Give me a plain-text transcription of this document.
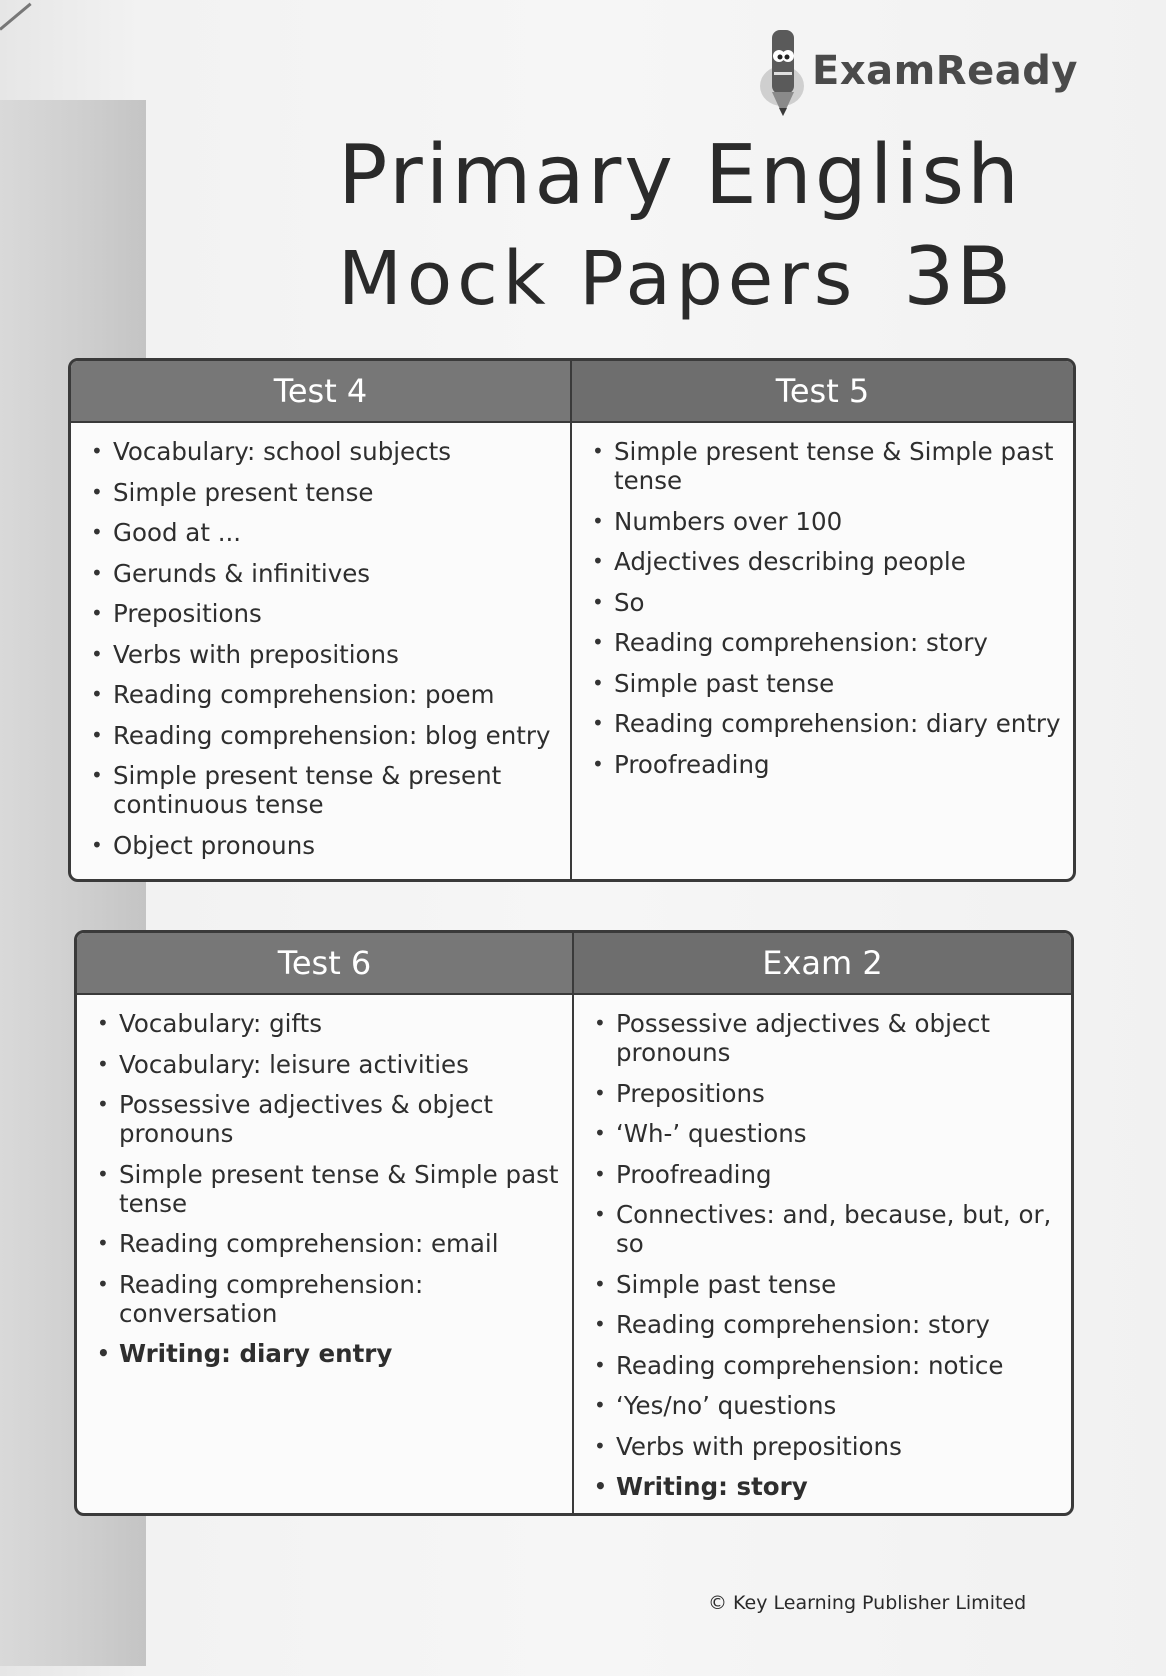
ExamReady
Primary English
Mock Papers 3B
Test 4	Test 5
• Vocabulary: school subjects
• Simple present tense
• Good at ...
• Gerunds & infinitives
• Prepositions
• Verbs with prepositions
• Reading comprehension: poem
• Reading comprehension: blog entry
• Simple present tense & present continuous tense
• Object pronouns
• Simple present tense & Simple past tense
• Numbers over 100
• Adjectives describing people
• So
• Reading comprehension: story
• Simple past tense
• Reading comprehension: diary entry
• Proofreading
Test 6	Exam 2
• Vocabulary: gifts
• Vocabulary: leisure activities
• Possessive adjectives & object pronouns
• Simple present tense & Simple past tense
• Reading comprehension: email
• Reading comprehension: conversation
• Writing: diary entry
• Possessive adjectives & object pronouns
• Prepositions
• ‘Wh-’ questions
• Proofreading
• Connectives: and, because, but, or, so
• Simple past tense
• Reading comprehension: story
• Reading comprehension: notice
• ‘Yes/no’ questions
• Verbs with prepositions
• Writing: story
© Key Learning Publisher Limited
